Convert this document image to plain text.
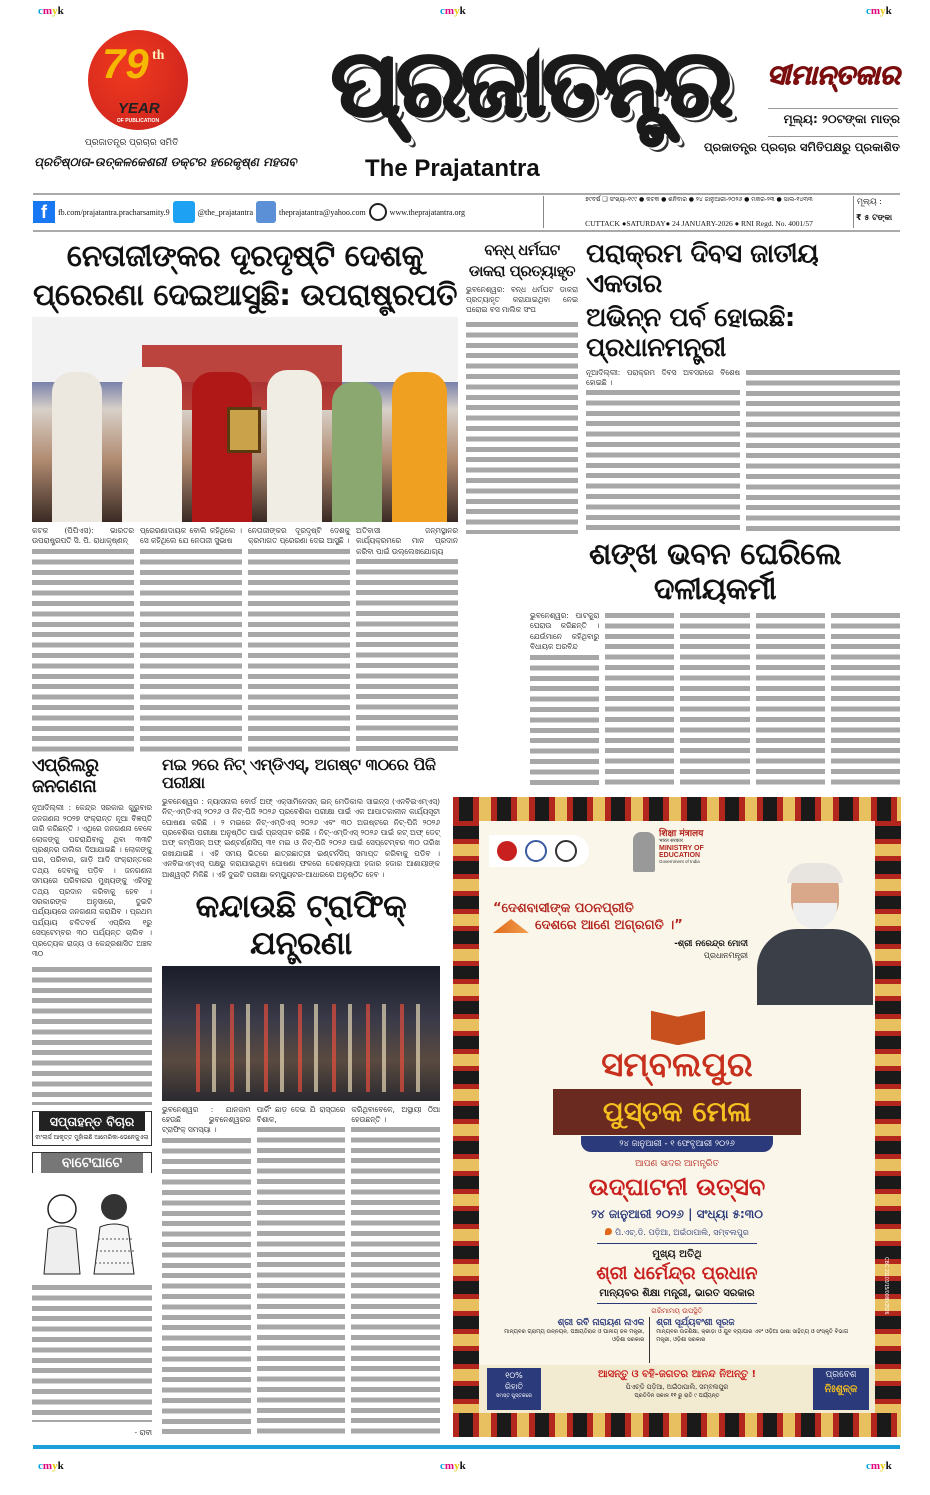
cmyk	cmyk	cmyk
cmyk	cmyk	cmyk
79 th
YEAR
OF PUBLICATION
ପ୍ରଜାତନ୍ତ୍ର ପ୍ରଚାର ସମିତି
ପ୍ରତିଷ୍ଠାତା-ଉତ୍କଳକେଶରୀ ଡକ୍ଟର ହରେକୃଷ୍ଣ ମହତାବ
ପ୍ରଜାତନ୍ତ୍ର
The Prajatantra
ସୀମାନ୍ତଜାର
ମୂଲ୍ୟ: ୨୦ଟଙ୍କା ମାତ୍ର
ପ୍ରଜାତନ୍ତ୍ର ପ୍ରଚାର ସମିତିପକ୍ଷରୁ ପ୍ରକାଶିତ
f	fb.com/prajatantra.pracharsamity.9	@the_prajatantra	theprajatantra@yahoo.com	www.theprajatantra.org
୭୯ବର୍ଷ ❑ ସଂଖ୍ୟା-୧୯୯ ● କଟକ ● ଶନିବାର ● ୨୪ ଜାନୁଆରୀ-୨୦୨୬ ● ମକର-୨୩ ● ସାଲ-୧୪୩୩
CUTTACK ●SATURDAY● 24 JANUARY-2026 ● RNI Regd. No. 4001/57
ମୂଲ୍ୟ :
₹ ୫ ଟଙ୍କା
ନେତାଜୀଙ୍କର ଦୂରଦୃଷ୍ଟି ଦେଶକୁ
ପ୍ରେରଣା ଦେଇଆସୁଛି: ଉପରାଷ୍ଟ୍ରପତି
କଟକ (ପିପିଏସ): ଭାରତର ଉପରାଷ୍ଟ୍ରପତି ସି. ପି. ରାଧାକୃଷ୍ଣନ୍
ପ୍ରେରଣାଦାୟକ ବୋଲି କହିଥିଲେ । ସେ କହିଥିଲେ ଯେ ନେତାଜୀ ସୁଭାଷ
ନେତାଜୀଙ୍କର ଦୂରଦୃଷ୍ଟି ଦେଶକୁ କ୍ରମାଗତ ପ୍ରେରଣା ଦେଇ ଆସୁଛି ।
ଅତିବାସୀ ଜନ୍ମସ୍ଥାନର କାର୍ଯ୍ୟକ୍ରମରେ ମାନ ପ୍ରଦାନ କରିବା ପାଇଁ ଉଲ୍ଲେଖଯୋଗ୍ୟ
ବନ୍ଧ୍ ଧର୍ମଘଟ
ଡାକରା ପ୍ରତ୍ୟାହୃତ
ଭୁବନେଶ୍ୱର: ବନ୍ଧ ଧର୍ମଘଟ ଡାକରା ପ୍ରତ୍ୟାହୃତ କରାଯାଇଥିବା ନେଇ ଘରୋଇ ବସ ମାଲିକ ସଂଘ
ପରାକ୍ରମ ଦିବସ ଜାତୀୟ ଏକତାର
ଅଭିନ୍ନ ପର୍ବ ହୋଇଛି: ପ୍ରଧାନମନ୍ତ୍ରୀ
ନୂଆଦିଲ୍ଲୀ: ପରାକ୍ରମ ଦିବସ ଅବସରରେ ବିଶେଷ ହୋଇଛି ।
ଶଙ୍ଖ ଭବନ ଘେରିଲେ ଦଳୀୟକର୍ମୀ
ଭୁବନେଶ୍ୱର: ପାଟକୁରା ଘେରାଉ କରିଛନ୍ତି । ଯେଉଁମାନେ କହିଥିବାରୁ ବିଧାୟକ ଅରବିନ୍ଦ
ଏପ୍ରିଲରୁ ଜନଗଣନା
ନୂଆଦିଲ୍ଲୀ : କେନ୍ଦ୍ର ସରକାର ଗୁରୁବାର ଜନଗଣନା ୨୦୨୭ ସଂକ୍ରାନ୍ତ ନୂଆ ବିଜ୍ଞପ୍ତି ଜାରି କରିଛନ୍ତି । ଏଥିରେ ଜନଗଣନା ବେଳେ ଲୋକଙ୍କୁ ପଚରାଯିବାକୁ ଥିବା ୩୩ଟି ପ୍ରଶ୍ନର ତାଲିକା ଦିଆଯାଇଛି । ଲୋକଙ୍କୁ ଘର, ପରିବାର, ଗାଡ଼ି ଆଦି ସଂକ୍ରାନ୍ତରେ ତଥ୍ୟ ଦେବାକୁ ପଡ଼ିବ । ଜନଗଣନା ସମୟରେ ପରିବାରର ମୁଖ୍ୟଙ୍କୁ ଏହିସବୁ ତଥ୍ୟ ପ୍ରଦାନ କରିବାକୁ ହେବ । ସରକାରଙ୍କ ଅନୁସାରେ, ଦୁଇଟି ପର୍ଯ୍ୟାୟରେ ଜନଗଣନା କରାଯିବ । ପ୍ରଥମ ପର୍ଯ୍ୟାୟ ଚଳିତବର୍ଷ ଏପ୍ରିଲ ୧ରୁ ସେପ୍ଟେମ୍ବର ୩୦ ପର୍ଯ୍ୟନ୍ତ ଚାଲିବ । ପ୍ରତ୍ୟେକ ରାଜ୍ୟ ଓ କେନ୍ଦ୍ରଶାସିତ ଅଞ୍ଚଳ ୩୦
ସପ୍ତାହନ୍ତ ବିଚାର
ବାଂଲାର୍ସ ଆକୃତ୍ତ ମୁହାଁଇଛି ଆମେରିକା-ଭେନେଜୁଏଲା
ବାଟେଘାଟେ
- ରାବୀ
ମଇ ୨ରେ ନିଟ୍ ଏମ୍‌ଡିଏସ୍, ଅଗଷ୍ଟ ୩୦ରେ ପିଜି ପରୀକ୍ଷା
ଭୁବନେଶ୍ୱର : ନ୍ୟାସନାଲ ବୋର୍ଡ ଅଫ୍ ଏକ୍ସାମିନେସନ୍ ଇନ୍ ମେଡିକାଲ ସାଇନ୍ସ (ଏନବିଇଏମ୍‌ଏସ୍) ନିଟ୍-ଏମ୍‌ଡିଏସ୍ ୨୦୨୬ ଓ ନିଟ୍-ପିଜି ୨୦୨୬ ପ୍ରବେଶିକା ପରୀକ୍ଷା ପାଇଁ ଏକ ଆପାତକାଳୀନ କାର୍ଯ୍ୟସୂଚୀ ଘୋଷଣା କରିଛି । ୨ ମଇରେ ନିଟ୍-ଏମ୍‌ଡିଏସ୍ ୨୦୨୬ ଏବଂ ୩୦ ଅଗଷ୍ଟରେ ନିଟ୍-ପିଜି ୨୦୨୬ ପ୍ରବେଶିକା ପରୀକ୍ଷା ଅନୁଷ୍ଠିତ ପାଇଁ ପ୍ରସ୍ତାବ ରହିଛି । ନିଟ୍-ଏମ୍‌ଡିଏସ୍ ୨୦୨୬ ପାଇଁ କଟ୍ ଅଫ୍ ଡେଟ୍ ଅଫ୍ କମ୍ପିସନ୍ ଅଫ୍ ଇଣ୍ଟର୍ଣ୍ଣସିପ୍ ୩୧ ମଇ ଓ ନିଟ୍-ପିଜି ୨୦୨୬ ପାଇଁ ସେପ୍ଟେମ୍ବର ୩୦ ତାରିଖ ରଖାଯାଇଛି । ଏହି ସମୟ ଭିତରେ ଛାତ୍ରଛାତ୍ରୀ ଇଣ୍ଟର୍ନସିପ୍ ସମାପ୍ତ କରିବାକୁ ପଡିବ । ଏନବିଇଏମ୍‌ଏସ୍ ପକ୍ଷରୁ କରାଯାଇଥିବା ଘୋଷଣା ଫଳରେ ଦେଶବ୍ୟାପୀ ହଜାର ହଜାର ଆଶାୟୀଙ୍କ ଆଶ୍ୱସ୍ତି ମିଳିଛି । ଏହି ଦୁଇଟି ପରୀକ୍ଷା କମ୍ପ୍ୟୁଟର-ଆଧାରରେ ଅନୁଷ୍ଠିତ ହେବ ।
କନ୍ଦାଉଛି ଟ୍ରାଫିକ୍ ଯନ୍ତ୍ରଣା
ଭୁବନେଶ୍ୱର : ଯାନଜାମ ହେଉଛି ଭୁବନେଶ୍ୱରର ଟ୍ରାଫିକ୍ ସମସ୍ୟା ।
ପାର୍କିଂ ଛାଡ଼ ଦେଇ ଯି ରାସ୍ତାରେ ବିଶାଳ,
କରିଥିବାବେଳେ, ଅସ୍ଥାୟୀ ଠିଆ ହେଉଛନ୍ତି ।
शिक्षा मंत्रालय
भारत सरकार
MINISTRY OF
EDUCATION
Government of India
“ଦେଶବାସୀଙ୍କ ପଠନପ୍ରୀତି
ଦେଶରେ ଆଣେ ଅଗ୍ରଗତି ।”
-ଶ୍ରୀ ନରେନ୍ଦ୍ର ମୋଦୀ
ପ୍ରଧାନମନ୍ତ୍ରୀ
ସମ୍ବଲପୁର
ପୁସ୍ତକ ମେଳା
୨୪ ଜାନୁଆରୀ - ୧ ଫେବୃଆରୀ ୨୦୨୬
ଆପଣ ସାଦର ଆମନ୍ତ୍ରିତ
ଉଦ୍‌ଘାଟନୀ ଉତ୍ସବ
୨୪ ଜାନୁଆରୀ ୨୦୨୬ | ସଂଧ୍ୟା ୫:୩୦
ପି.ଏଚ୍.ଡି. ପଡ଼ିଆ, ଅଇଁଠାପାଲି, ସମ୍ବଲପୁର
ମୁଖ୍ୟ ଅତିଥି
ଶ୍ରୀ ଧର୍ମେନ୍ଦ୍ର ପ୍ରଧାନ
ମାନ୍ୟବର ଶିକ୍ଷା ମନ୍ତ୍ରୀ, ଭାରତ ସରକାର
ଗରିମାମୟ ଉପସ୍ଥିତି
ଶ୍ରୀ ରବି ନାରାୟଣ ନାଏକ
ମାନ୍ୟବର ଗ୍ରାମ୍ୟ ଉନ୍ନୟନ, ପଞ୍ଚାୟତିରାଜ ଓ ପାନୀୟ ଜଳ ମନ୍ତ୍ରୀ, ଓଡ଼ିଶା ସରକାର
ଶ୍ରୀ ସୂର୍ଯ୍ୟବଂଶୀ ସୂରଜ
ମାନ୍ୟବର ଉଚ୍ଚଶିକ୍ଷା, କ୍ରୀଡ଼ା ଓ ଯୁବ ବ୍ୟାପାର ଏବଂ ଓଡ଼ିଆ ଭାଷା ସାହିତ୍ୟ ଓ ସଂସ୍କୃତି ବିଭାଗ ମନ୍ତ୍ରୀ, ଓଡ଼ିଶା ସରକାର
୧୦%
ରିହାତି
ସମସ୍ତ ପୁସ୍ତକରେ
ଆସନ୍ତୁ ଓ ବହି-ଜଗତର ଆନନ୍ଦ ନିଅନ୍ତୁ !
ପିଏଚ୍‌ଡି ପଡ଼ିଆ, ଅଇଁଠାପାଲି, ସମ୍ବଲପୁର
ପ୍ରତିଦିନ ସକାଳ ୧୧ ରୁ ରାତି ୯ ପର୍ଯ୍ୟନ୍ତ
ପ୍ରବେଶ
ନିଃଶୁଳ୍କ
CBC 21103/15/0080/2526
